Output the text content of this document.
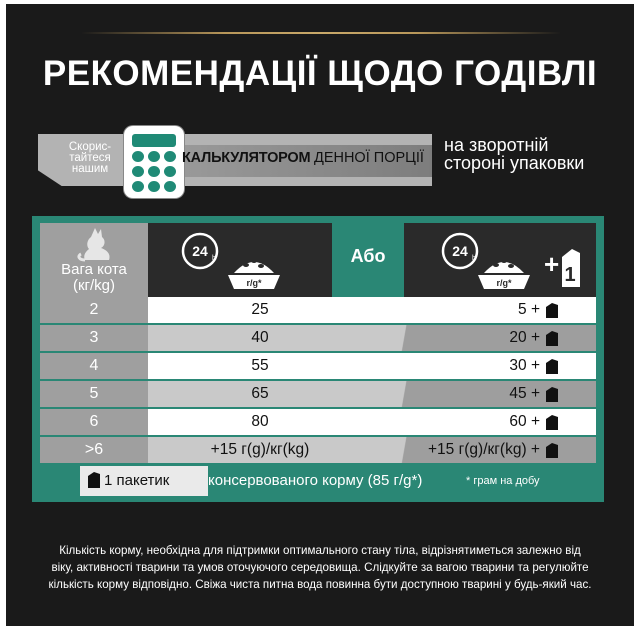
РЕКОМЕНДАЦІЇ ЩОДО ГОДІВЛІ
Скорис-
тайтеся
нашим
КАЛЬКУЛЯТОРОМ ДЕННОЇ ПОРЦІЇ
на зворотній
стороні упаковки
Вага кота
(кг/kg)
24 h
r/g*
Або	24 h
r/g*
+ 1
2	25	5 +
3	40	20 +
4	55	30 +
5	65	45 +
6	80	60 +
>6	+15 г(g)/кг(kg)	+15 г(g)/кг(kg) +
1 пакетик	консервованого корму (85 г/g*)	* грам на добу
Кількість корму, необхідна для підтримки оптимального стану тіла, відрізнятиметься залежно від
віку, активності тварини та умов оточуючого середовища. Слідкуйте за вагою тварини та регулюйте
кількість корму відповідно. Свіжа чиста питна вода повинна бути доступною тварині у будь-який час.
